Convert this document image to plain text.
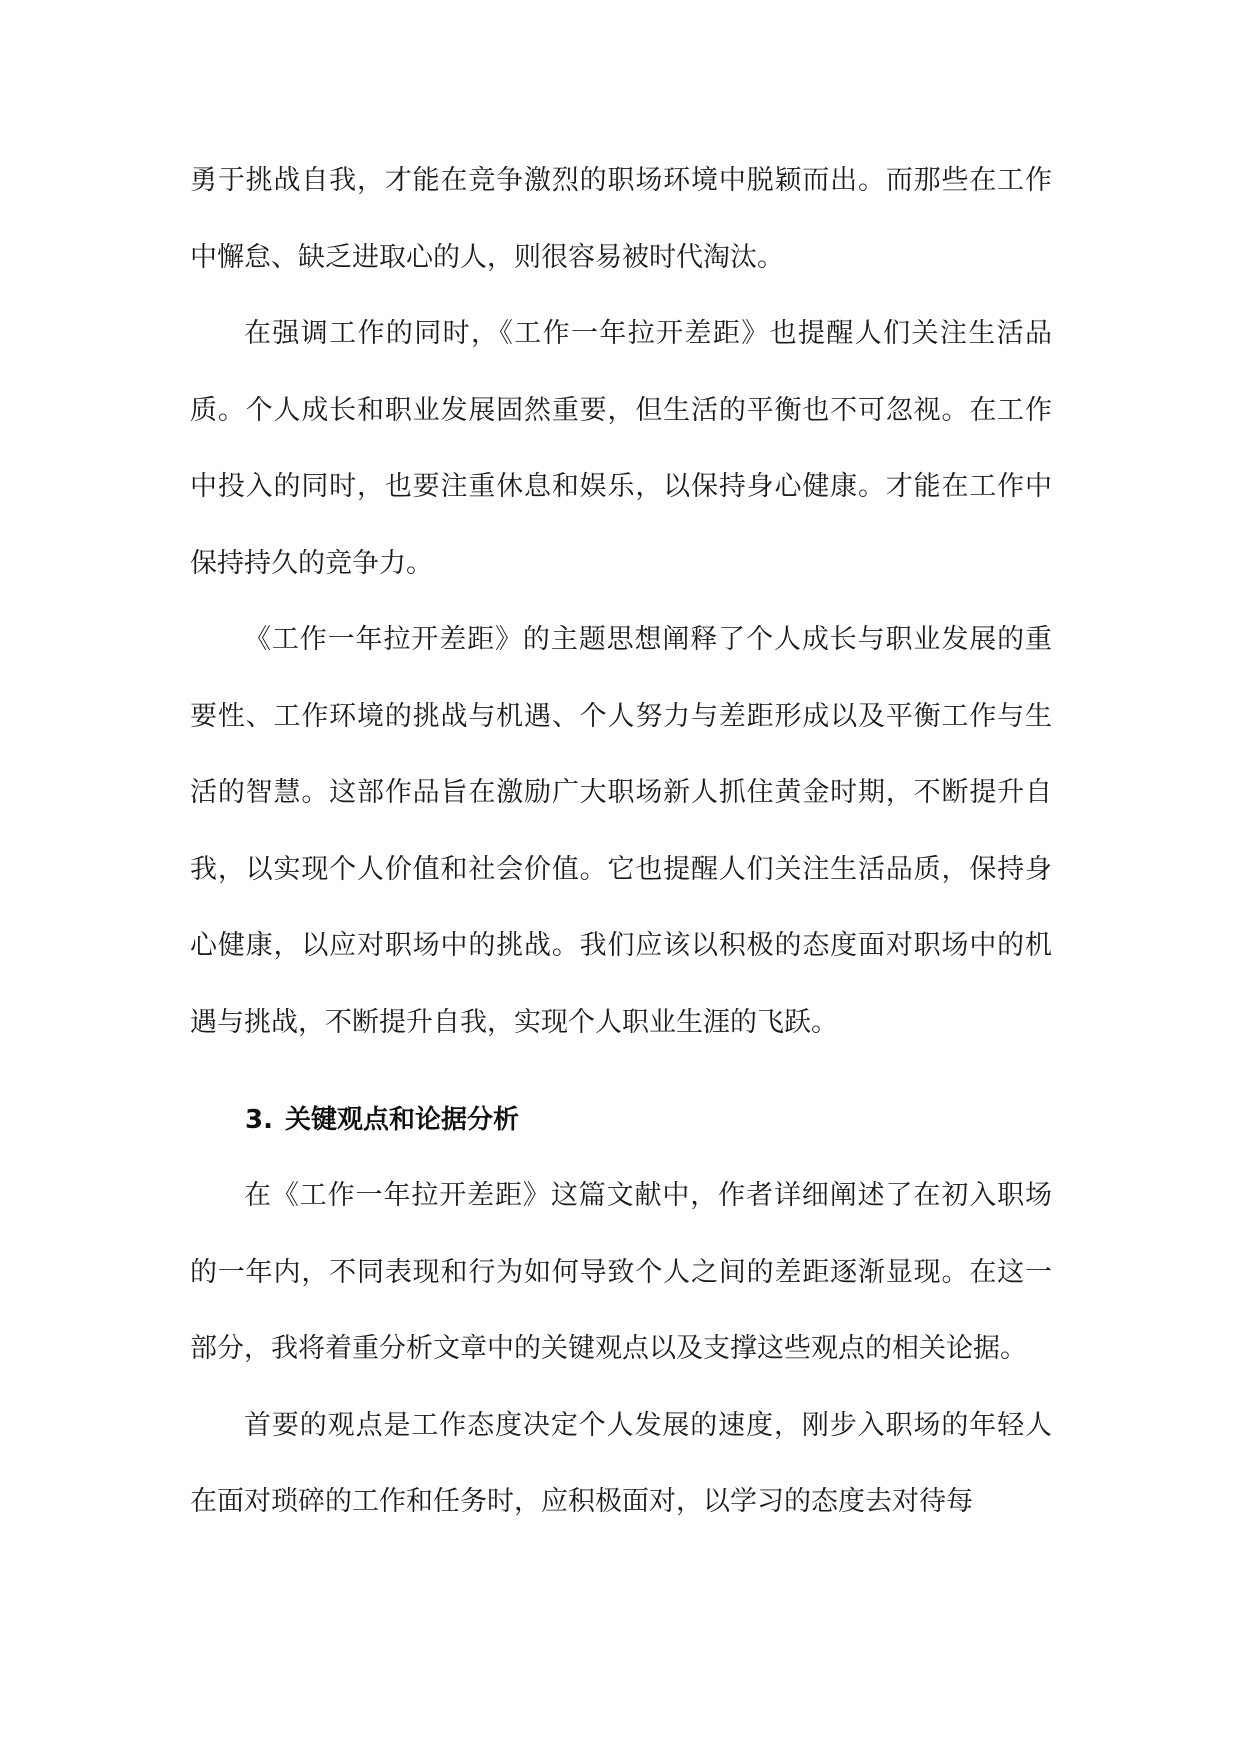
勇于挑战自我，才能在竞争激烈的职场环境中脱颖而出。而那些在工作中懈怠、缺乏进取心的人，则很容易被时代淘汰。

在强调工作的同时，《工作一年拉开差距》也提醒人们关注生活品质。个人成长和职业发展固然重要，但生活的平衡也不可忽视。在工作中投入的同时，也要注重休息和娱乐，以保持身心健康。才能在工作中保持持久的竞争力。

《工作一年拉开差距》的主题思想阐释了个人成长与职业发展的重要性、工作环境的挑战与机遇、个人努力与差距形成以及平衡工作与生活的智慧。这部作品旨在激励广大职场新人抓住黄金时期，不断提升自我，以实现个人价值和社会价值。它也提醒人们关注生活品质，保持身心健康，以应对职场中的挑战。我们应该以积极的态度面对职场中的机遇与挑战，不断提升自我，实现个人职业生涯的飞跃。

3. 关键观点和论据分析

在《工作一年拉开差距》这篇文献中，作者详细阐述了在初入职场的一年内，不同表现和行为如何导致个人之间的差距逐渐显现。在这一部分，我将着重分析文章中的关键观点以及支撑这些观点的相关论据。

首要的观点是工作态度决定个人发展的速度，刚步入职场的年轻人在面对琐碎的工作和任务时，应积极面对，以学习的态度去对待每
